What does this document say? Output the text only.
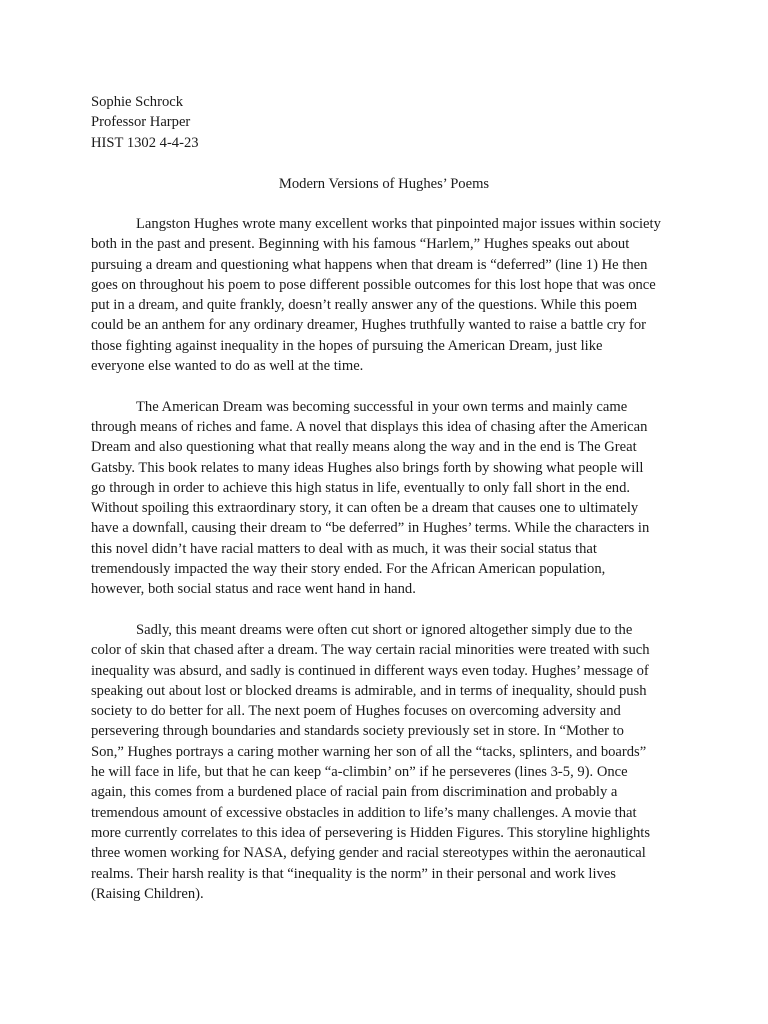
Sophie Schrock
Professor Harper
HIST 1302 4-4-23
Modern Versions of Hughes’ Poems
Langston Hughes wrote many excellent works that pinpointed major issues within society
both in the past and present. Beginning with his famous “Harlem,” Hughes speaks out about
pursuing a dream and questioning what happens when that dream is “deferred” (line 1) He then
goes on throughout his poem to pose different possible outcomes for this lost hope that was once
put in a dream, and quite frankly, doesn’t really answer any of the questions. While this poem
could be an anthem for any ordinary dreamer, Hughes truthfully wanted to raise a battle cry for
those fighting against inequality in the hopes of pursuing the American Dream, just like
everyone else wanted to do as well at the time.
The American Dream was becoming successful in your own terms and mainly came
through means of riches and fame. A novel that displays this idea of chasing after the American
Dream and also questioning what that really means along the way and in the end is The Great
Gatsby. This book relates to many ideas Hughes also brings forth by showing what people will
go through in order to achieve this high status in life, eventually to only fall short in the end.
Without spoiling this extraordinary story, it can often be a dream that causes one to ultimately
have a downfall, causing their dream to “be deferred” in Hughes’ terms. While the characters in
this novel didn’t have racial matters to deal with as much, it was their social status that
tremendously impacted the way their story ended. For the African American population,
however, both social status and race went hand in hand.
Sadly, this meant dreams were often cut short or ignored altogether simply due to the
color of skin that chased after a dream. The way certain racial minorities were treated with such
inequality was absurd, and sadly is continued in different ways even today. Hughes’ message of
speaking out about lost or blocked dreams is admirable, and in terms of inequality, should push
society to do better for all. The next poem of Hughes focuses on overcoming adversity and
persevering through boundaries and standards society previously set in store. In “Mother to
Son,” Hughes portrays a caring mother warning her son of all the “tacks, splinters, and boards”
he will face in life, but that he can keep “a-climbin’ on” if he perseveres (lines 3-5, 9). Once
again, this comes from a burdened place of racial pain from discrimination and probably a
tremendous amount of excessive obstacles in addition to life’s many challenges. A movie that
more currently correlates to this idea of persevering is Hidden Figures. This storyline highlights
three women working for NASA, defying gender and racial stereotypes within the aeronautical
realms. Their harsh reality is that “inequality is the norm” in their personal and work lives
(Raising Children).
